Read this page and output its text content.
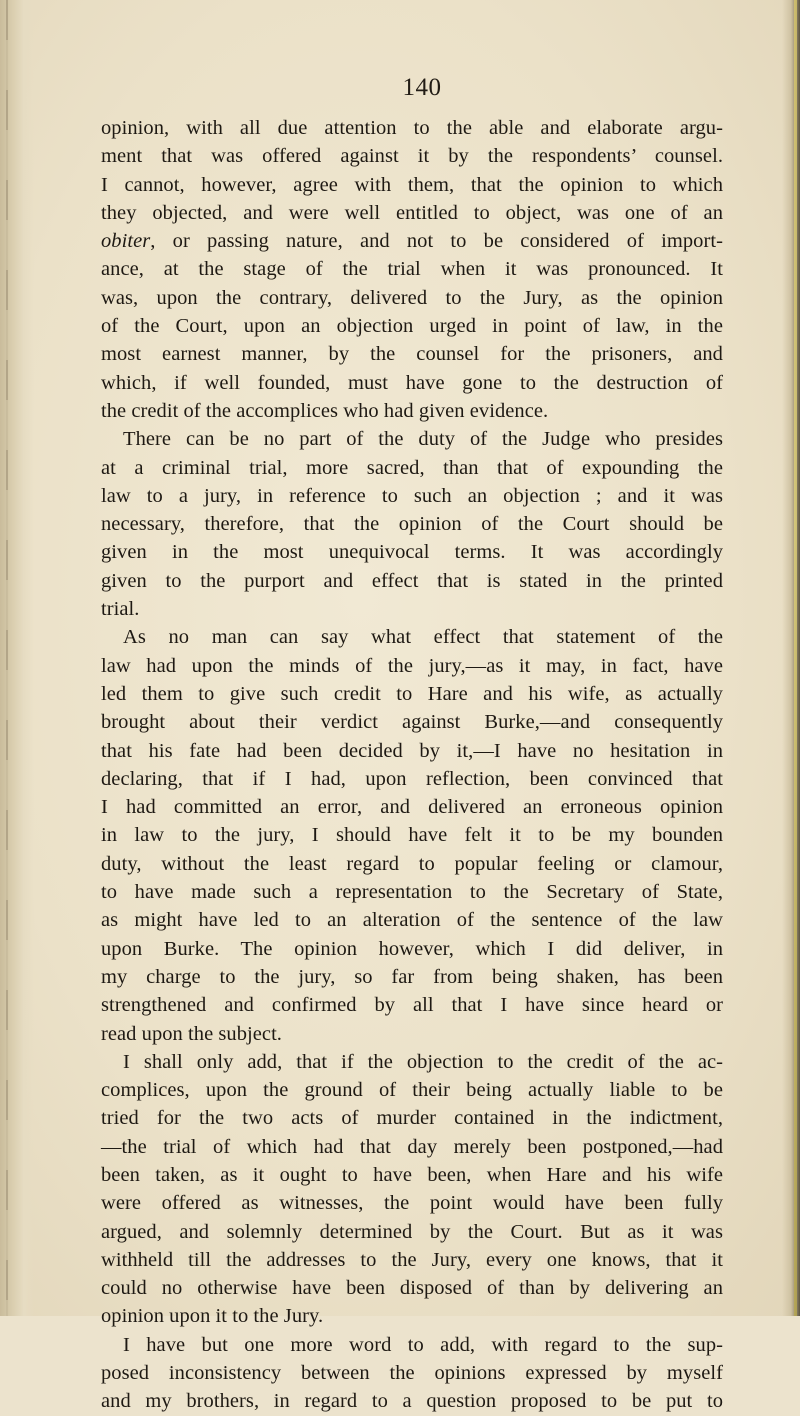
140
opinion, with all due attention to the able and elaborate argu-
ment that was offered against it by the respondents’ counsel.
I cannot, however, agree with them, that the opinion to which
they objected, and were well entitled to object, was one of an
obiter, or passing nature, and not to be considered of import-
ance, at the stage of the trial when it was pronounced. It
was, upon the contrary, delivered to the Jury, as the opinion
of the Court, upon an objection urged in point of law, in the
most earnest manner, by the counsel for the prisoners, and
which, if well founded, must have gone to the destruction of
the credit of the accomplices who had given evidence.
There can be no part of the duty of the Judge who presides
at a criminal trial, more sacred, than that of expounding the
law to a jury, in reference to such an objection ; and it was
necessary, therefore, that the opinion of the Court should be
given in the most unequivocal terms. It was accordingly
given to the purport and effect that is stated in the printed
trial.
As no man can say what effect that statement of the
law had upon the minds of the jury,—as it may, in fact, have
led them to give such credit to Hare and his wife, as actually
brought about their verdict against Burke,—and consequently
that his fate had been decided by it,—I have no hesitation in
declaring, that if I had, upon reflection, been convinced that
I had committed an error, and delivered an erroneous opinion
in law to the jury, I should have felt it to be my bounden
duty, without the least regard to popular feeling or clamour,
to have made such a representation to the Secretary of State,
as might have led to an alteration of the sentence of the law
upon Burke. The opinion however, which I did deliver, in
my charge to the jury, so far from being shaken, has been
strengthened and confirmed by all that I have since heard or
read upon the subject.
I shall only add, that if the objection to the credit of the ac-
complices, upon the ground of their being actually liable to be
tried for the two acts of murder contained in the indictment,
—the trial of which had that day merely been postponed,—had
been taken, as it ought to have been, when Hare and his wife
were offered as witnesses, the point would have been fully
argued, and solemnly determined by the Court. But as it was
withheld till the addresses to the Jury, every one knows, that it
could no otherwise have been disposed of than by delivering an
opinion upon it to the Jury.
I have but one more word to add, with regard to the sup-
posed inconsistency between the opinions expressed by myself
and my brothers, in regard to a question proposed to be put to
